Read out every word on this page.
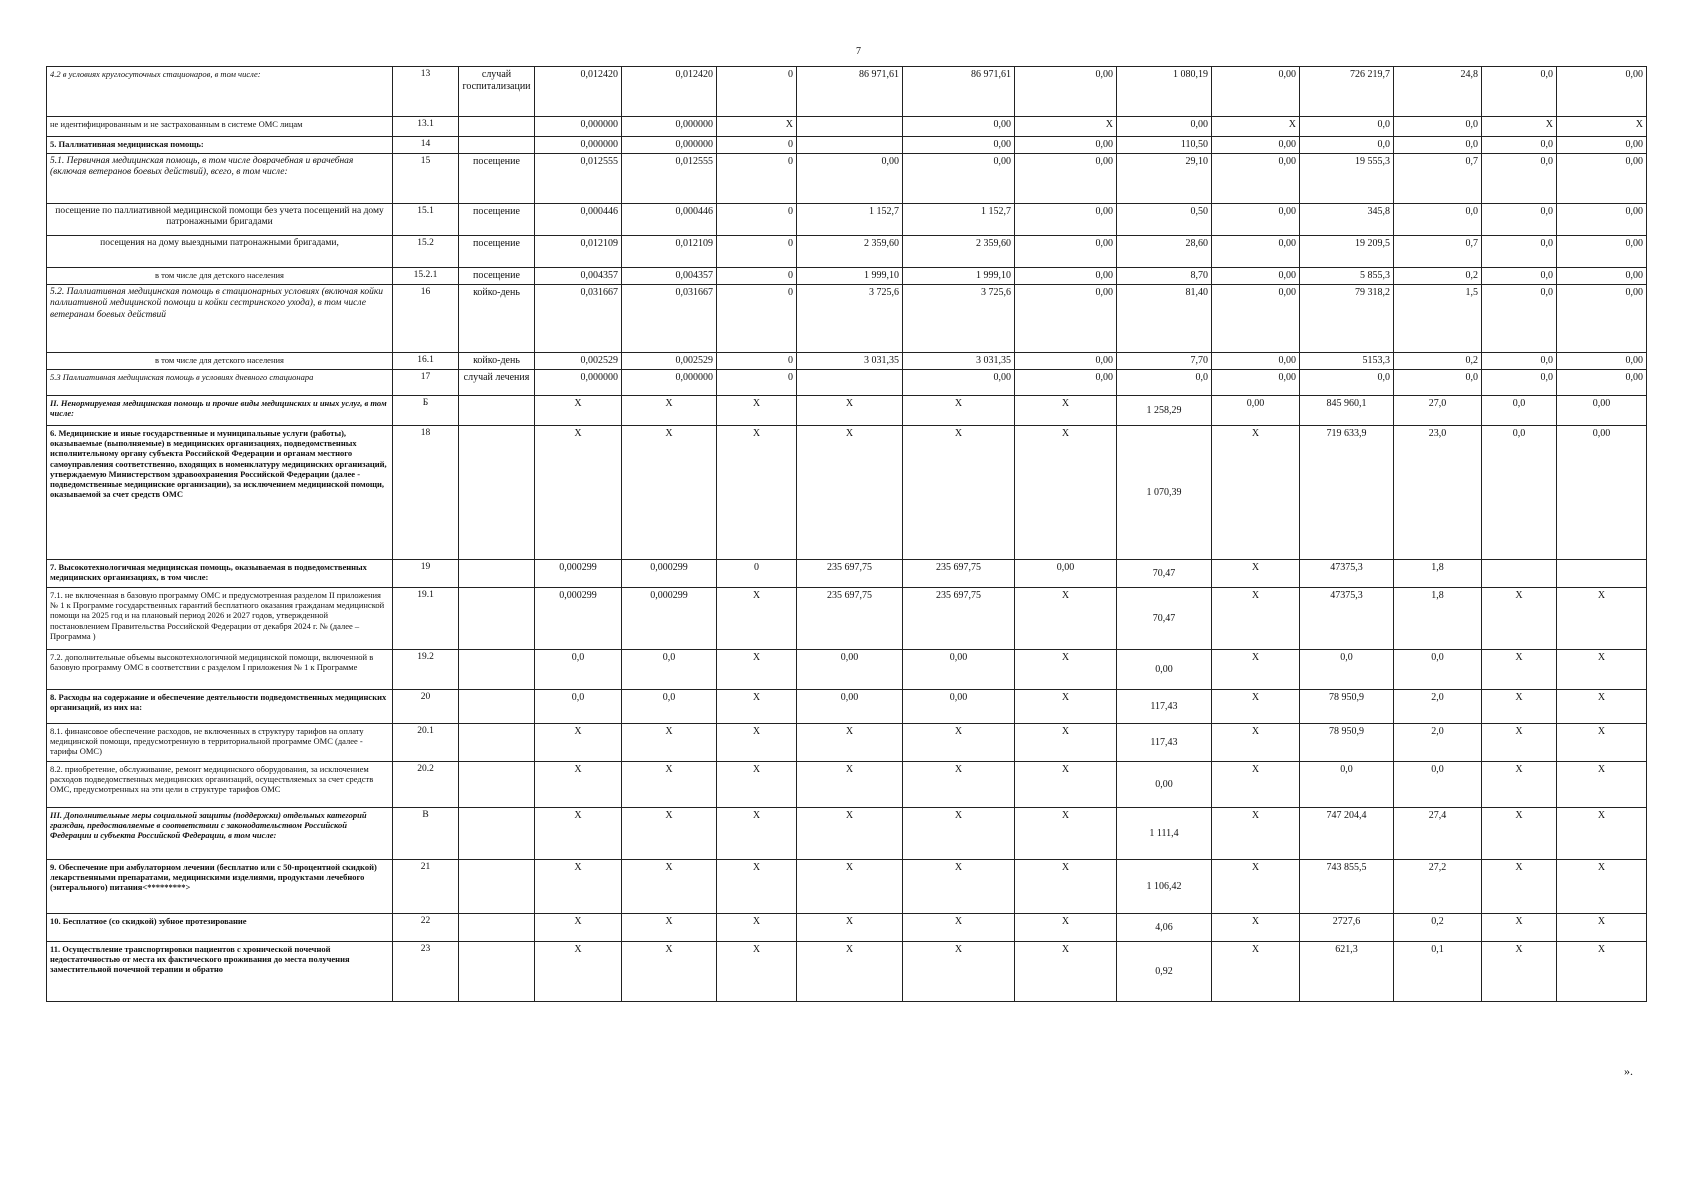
7
4.2 в условиях круглосуточных стационаров, в том числе:	13	случай госпитализации	0,012420	0,012420	0	86 971,61	86 971,61	0,00	1 080,19	0,00	726 219,7	24,8	0,0	0,00
не идентифицированным и не застрахованным в системе ОМС лицам	13.1		0,000000	0,000000	X		0,00	X	0,00	X	0,0	0,0	X	X
5. Паллиативная медицинская помощь:	14		0,000000	0,000000	0		0,00	0,00	110,50	0,00	0,0	0,0	0,0	0,00
5.1. Первичная медицинская помощь, в том числе доврачебная и врачебная (включая ветеранов боевых действий), всего, в том числе:	15	посещение	0,012555	0,012555	0	0,00	0,00	0,00	29,10	0,00	19 555,3	0,7	0,0	0,00
посещение по паллиативной медицинской помощи без учета посещений на дому патронажными бригадами	15.1	посещение	0,000446	0,000446	0	1 152,7	1 152,7	0,00	0,50	0,00	345,8	0,0	0,0	0,00
посещения на дому выездными патронажными бригадами,	15.2	посещение	0,012109	0,012109	0	2 359,60	2 359,60	0,00	28,60	0,00	19 209,5	0,7	0,0	0,00
в том числе для детского населения	15.2.1	посещение	0,004357	0,004357	0	1 999,10	1 999,10	0,00	8,70	0,00	5 855,3	0,2	0,0	0,00
5.2. Паллиативная медицинская помощь в стационарных условиях (включая койки паллиативной медицинской помощи и койки сестринского ухода), в том числе ветеранам боевых действий	16	койко-день	0,031667	0,031667	0	3 725,6	3 725,6	0,00	81,40	0,00	79 318,2	1,5	0,0	0,00
в том числе для детского населения	16.1	койко-день	0,002529	0,002529	0	3 031,35	3 031,35	0,00	7,70	0,00	5153,3	0,2	0,0	0,00
5.3 Паллиативная медицинская помощь в условиях дневного стационара	17	случай лечения	0,000000	0,000000	0		0,00	0,00	0,0	0,00	0,0	0,0	0,0	0,00
II. Ненормируемая медицинская помощь и прочие виды медицинских и иных услуг, в том числе:	Б		X	X	X	X	X	X	1 258,29	0,00	845 960,1	27,0	0,0	0,00
6. Медицинские и иные государственные и муниципальные услуги (работы), оказываемые (выполняемые) в медицинских организациях, подведомственных исполнительному органу субъекта Российской Федерации и органам местного самоуправления соответственно, входящих в номенклатуру медицинских организаций, утверждаемую Министерством здравоохранения Российской Федерации (далее - подведомственные медицинские организации), за исключением медицинской помощи, оказываемой за счет средств ОМС	18		X	X	X	X	X	X	1 070,39	X	719 633,9	23,0	0,0	0,00
7. Высокотехнологичная медицинская помощь, оказываемая в подведомственных медицинских организациях, в том числе:	19		0,000299	0,000299	0	235 697,75	235 697,75	0,00	70,47	X	47375,3	1,8		
7.1. не включенная в базовую программу ОМС и предусмотренная разделом II приложения № 1 к Программе государственных гарантий бесплатного оказания гражданам медицинской помощи на 2025 год и на плановый период 2026 и 2027 годов, утвержденной постановлением Правительства Российской Федерации от декабря 2024 г. № (далее – Программа )	19.1		0,000299	0,000299	X	235 697,75	235 697,75	X	70,47	X	47375,3	1,8	X	X
7.2. дополнительные объемы высокотехнологичной медицинской помощи, включенной в базовую программу ОМС в соответствии с разделом I приложения № 1 к Программе	19.2		0,0	0,0	X	0,00	0,00	X	0,00	X	0,0	0,0	X	X
8. Расходы на содержание и обеспечение деятельности подведомственных медицинских организаций, из них на:	20		0,0	0,0	X	0,00	0,00	X	117,43	X	78 950,9	2,0	X	X
8.1. финансовое обеспечение расходов, не включенных в структуру тарифов на оплату медицинской помощи, предусмотренную в территориальной программе ОМС (далее - тарифы ОМС)	20.1		X	X	X	X	X	X	117,43	X	78 950,9	2,0	X	X
8.2. приобретение, обслуживание, ремонт медицинского оборудования, за исключением расходов подведомственных медицинских организаций, осуществляемых за счет средств ОМС, предусмотренных на эти цели в структуре тарифов ОМС	20.2		X	X	X	X	X	X	0,00	X	0,0	0,0	X	X
III. Дополнительные меры социальной защиты (поддержки) отдельных категорий граждан, предоставляемые в соответствии с законодательством Российской Федерации и субъекта Российской Федерации, в том числе:	В		X	X	X	X	X	X	1 111,4	X	747 204,4	27,4	X	X
9. Обеспечение при амбулаторном лечении (бесплатно или с 50-процентной скидкой) лекарственными препаратами, медицинскими изделиями, продуктами лечебного (энтерального) питания<*********>	21		X	X	X	X	X	X	1 106,42	X	743 855,5	27,2	X	X
10. Бесплатное (со скидкой) зубное протезирование	22		X	X	X	X	X	X	4,06	X	2727,6	0,2	X	X
11. Осуществление транспортировки пациентов с хронической почечной недостаточностью от места их фактического проживания до места получения заместительной почечной терапии и обратно	23		X	X	X	X	X	X	0,92	X	621,3	0,1	X	X
».
